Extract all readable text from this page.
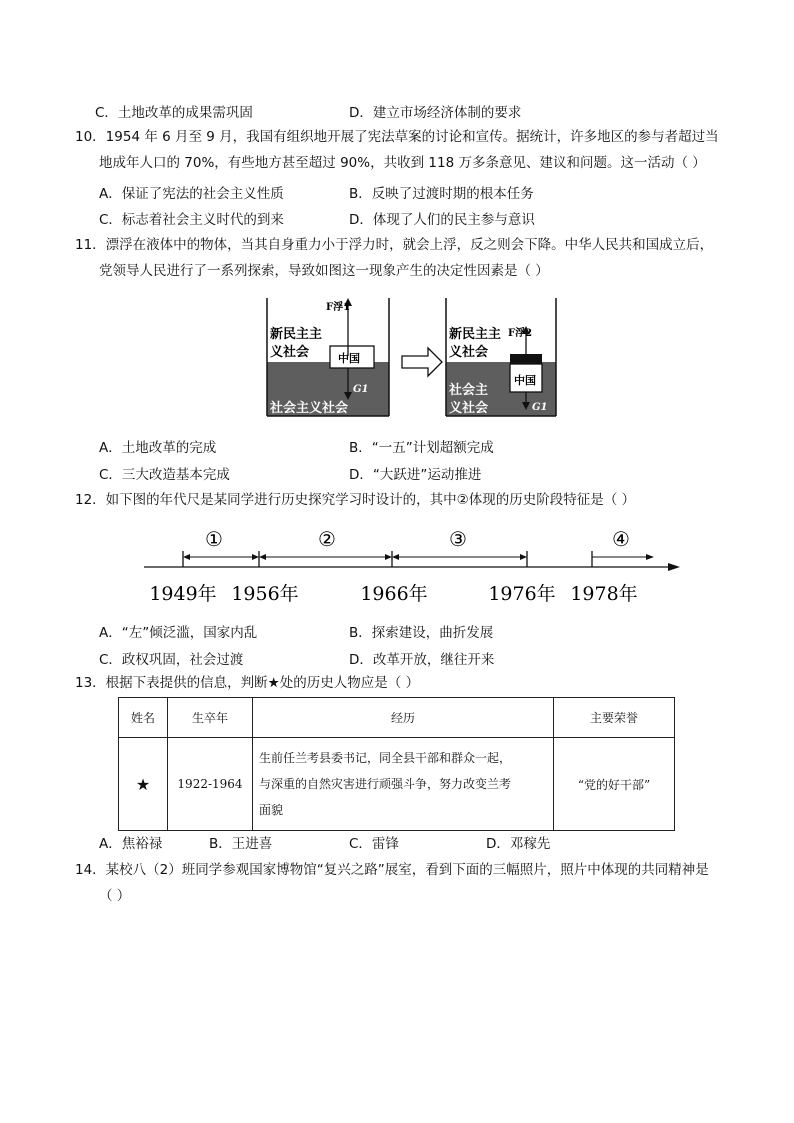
C．土地改革的成果需巩固	D．建立市场经济体制的要求
10．1954 年 6 月至 9 月，我国有组织地开展了宪法草案的讨论和宣传。据统计，许多地区的参与者超过当
地成年人口的 70%，有些地方甚至超过 90%，共收到 118 万多条意见、建议和问题。这一活动（ ）
A．保证了宪法的社会主义性质	B．反映了过渡时期的根本任务
C．标志着社会主义时代的到来	D．体现了人们的民主参与意识
11．漂浮在液体中的物体，当其自身重力小于浮力时，就会上浮，反之则会下降。中华人民共和国成立后，
党领导人民进行了一系列探索，导致如图这一现象产生的决定性因素是（ ）
F浮1
新民主主
义社会	中国
G1
社会主义社会
F浮2
新民主主
义社会
中国
G1
社会主
义社会
A．土地改革的完成	B．“一五”计划超额完成
C．三大改造基本完成	D．“大跃进”运动推进
12．如下图的年代尺是某同学进行历史探究学习时设计的，其中②体现的历史阶段特征是（ ）
①	②	③	④
1949年 1956年	1966年	1976年 1978年
A．“左”倾泛滥，国家内乱	B．探索建设，曲折发展
C．政权巩固，社会过渡	D．改革开放，继往开来
13．根据下表提供的信息，判断★处的历史人物应是（ ）
姓名	生卒年	经历	主要荣誉
★	1922-1964	生前任兰考县委书记，同全县干部和群众一起，
与深重的自然灾害进行顽强斗争，努力改变兰考
面貌	“党的好干部”
A．焦裕禄	B．王进喜	C．雷锋	D．邓稼先
14．某校八（2）班同学参观国家博物馆“复兴之路”展室，看到下面的三幅照片，照片中体现的共同精神是
（ ）
